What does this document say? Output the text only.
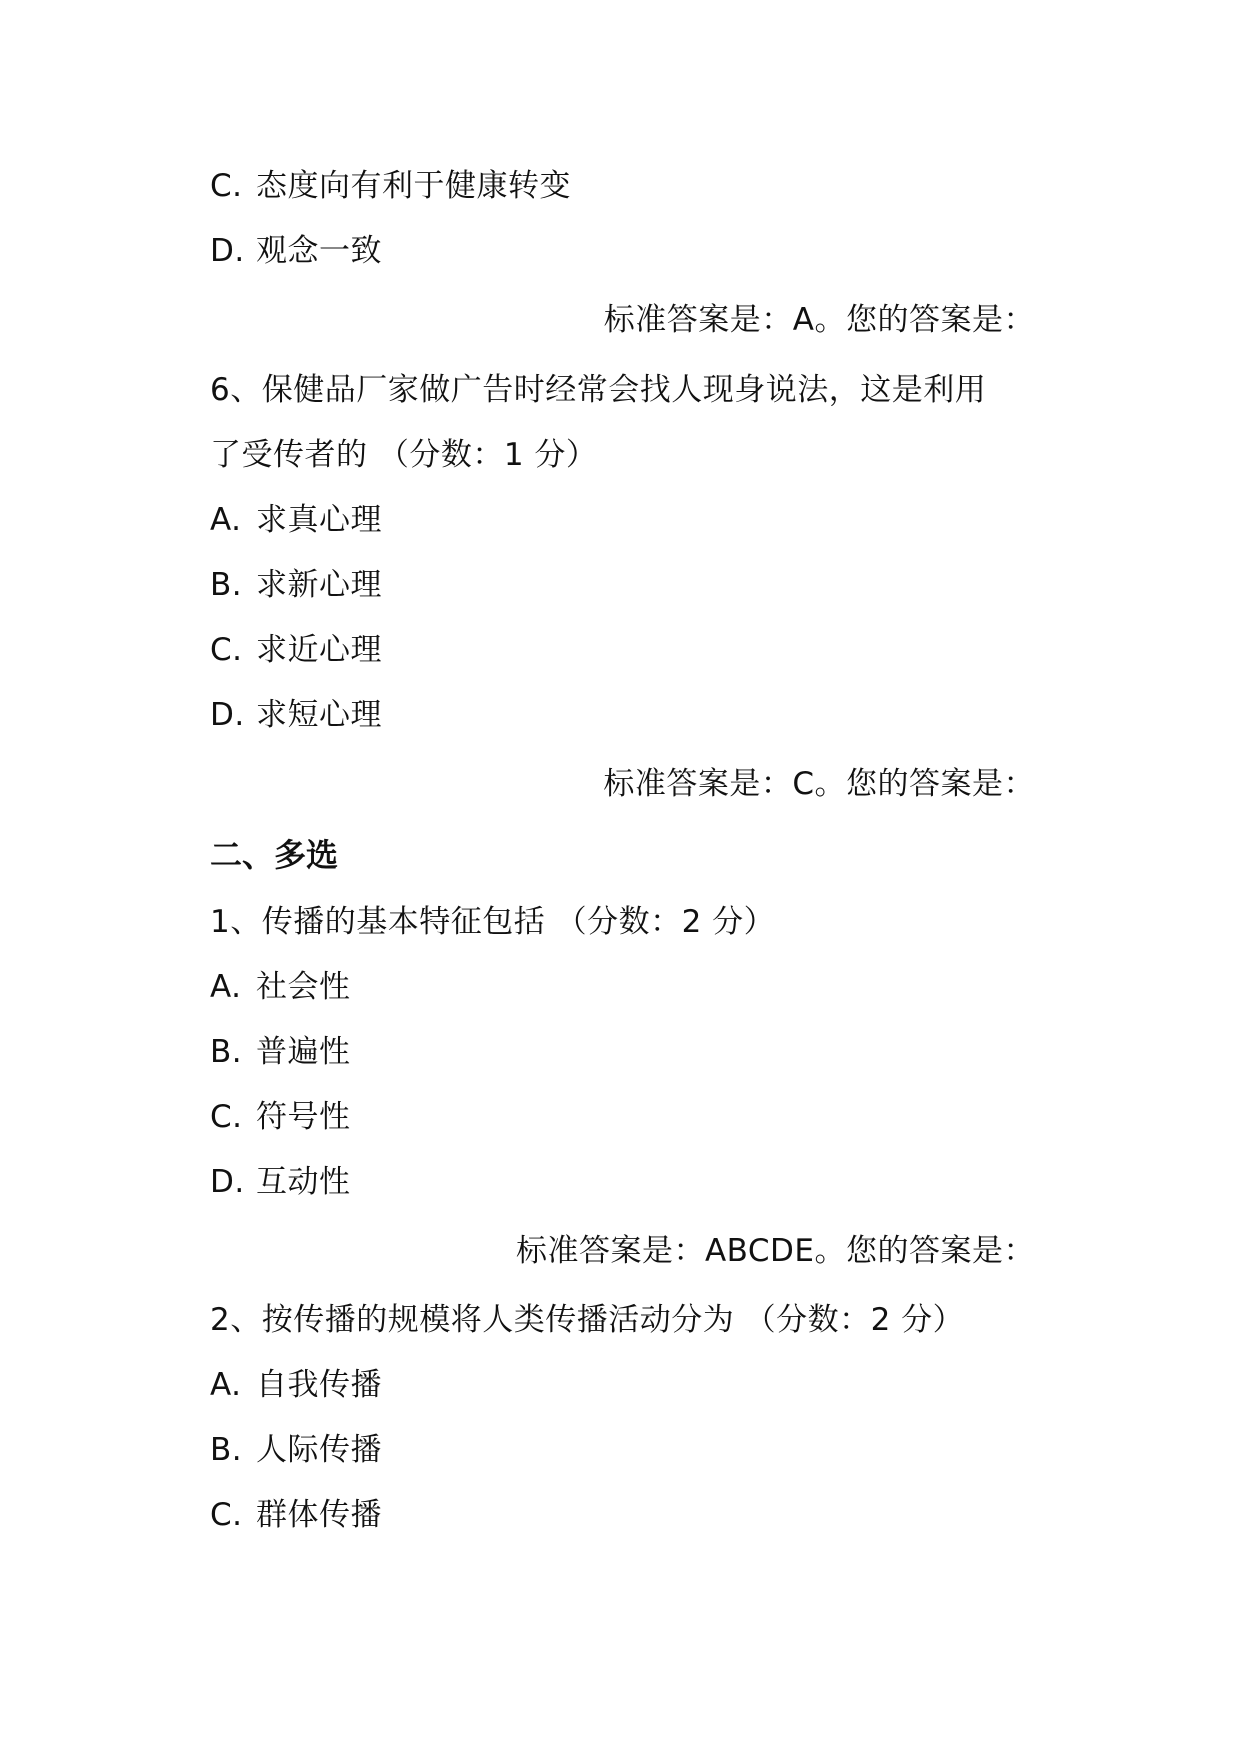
C. 态度向有利于健康转变
D. 观念一致
标准答案是：A。您的答案是：
6、保健品厂家做广告时经常会找人现身说法，这是利用
了受传者的 （分数：1 分）
A. 求真心理
B. 求新心理
C. 求近心理
D. 求短心理
标准答案是：C。您的答案是：
二、多选
1、传播的基本特征包括 （分数：2 分）
A. 社会性
B. 普遍性
C. 符号性
D. 互动性
标准答案是：ABCDE。您的答案是：
2、按传播的规模将人类传播活动分为 （分数：2 分）
A. 自我传播
B. 人际传播
C. 群体传播
